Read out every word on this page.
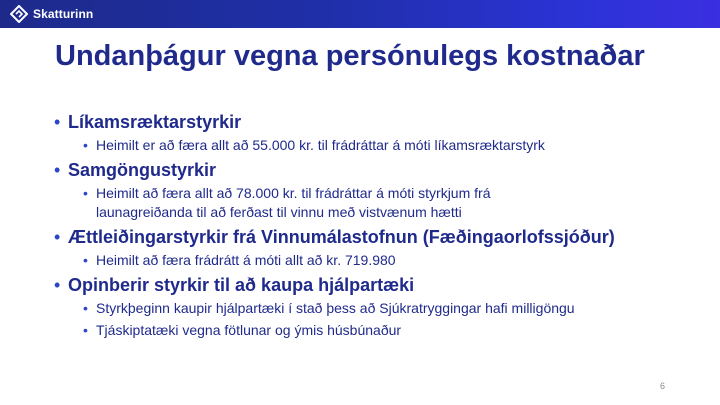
Skatturinn
Undanþágur vegna persónulegs kostnaðar
• Líkamsræktarstyrkir
• Heimilt er að færa allt að 55.000 kr. til frádráttar á móti líkamsræktarstyrk
• Samgöngustyrkir
• Heimilt að færa allt að 78.000 kr. til frádráttar á móti styrkjum frá launagreiðanda til að ferðast til vinnu með vistvænum hætti
• Ættleiðingarstyrkir frá Vinnumálastofnun (Fæðingaorlofssjóður)
• Heimilt að færa frádrátt á móti allt að kr. 719.980
• Opinberir styrkir til að kaupa hjálpartæki
• Styrkþeginn kaupir hjálpartæki í stað þess að Sjúkratryggingar hafi milligöngu
• Tjáskiptatæki vegna fötlunar og ýmis húsbúnaður
6
